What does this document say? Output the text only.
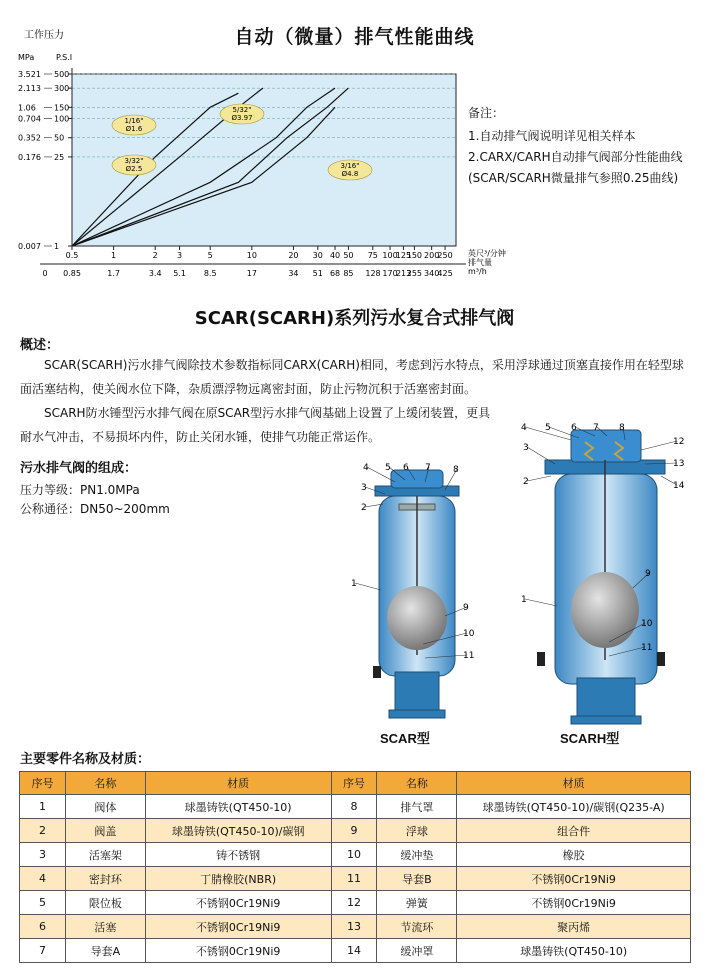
自动（微量）排气性能曲线
1/16"
Ø1.6
3/32"
Ø2.5
5/32"
Ø3.97
3/16"
Ø4.8
3.521 500
2.113 300
1.06 150
0.704 100
0.352 50
0.176 25
0.007 1
工作压力
MPa	P.S.I
0.5	1	2 3	5	10	20 30 40 50 75 100
125
150 200
250
0 0.85	1.7	3.4 5.1 8.5	17	34 51 68 85 128 170
213
255 340
425
英尺³/分钟
排气量
m³/h
备注：
1.自动排气阀说明详见相关样本
2.CARX/CARH自动排气阀部分性能曲线
(SCAR/SCARH微量排气参照0.25曲线)
SCAR(SCARH)系列污水复合式排气阀
概述：
SCAR(SCARH)污水排气阀除技术参数指标同CARX(CARH)相同，考虑到污水特点，采用浮球通过顶塞直接作用在轻型球面活塞结构，使关阀水位下降，杂质漂浮物远离密封面，防止污物沉积于活塞密封面。
SCARH防水锤型污水排气阀在原SCAR型污水排气阀基础上设置了上缓闭装置，更具耐水气冲击，不易损坏内件，防止关闭水锤，使排气功能正常运作。
污水排气阀的组成：
压力等级：PN1.0MPa
公称通径：DN50~200mm
4 5 6 7 8
3
2
1
9
10
11
4 5 6 7 8
12
3
13
2	14
1
9
10
11
SCAR型	SCARH型
主要零件名称及材质：
序号	名称	材质	序号	名称	材质
1	阀体	球墨铸铁(QT450-10)	8	排气罩	球墨铸铁(QT450-10)/碳钢(Q235-A)
2	阀盖	球墨铸铁(QT450-10)/碳钢	9	浮球	组合件
3	活塞架	铸不锈钢	10	缓冲垫	橡胶
4	密封环	丁腈橡胶(NBR)	11	导套B	不锈钢0Cr19Ni9
5	限位板	不锈钢0Cr19Ni9	12	弹簧	不锈钢0Cr19Ni9
6	活塞	不锈钢0Cr19Ni9	13	节流环	聚丙烯
7	导套A	不锈钢0Cr19Ni9	14	缓冲罩	球墨铸铁(QT450-10)
